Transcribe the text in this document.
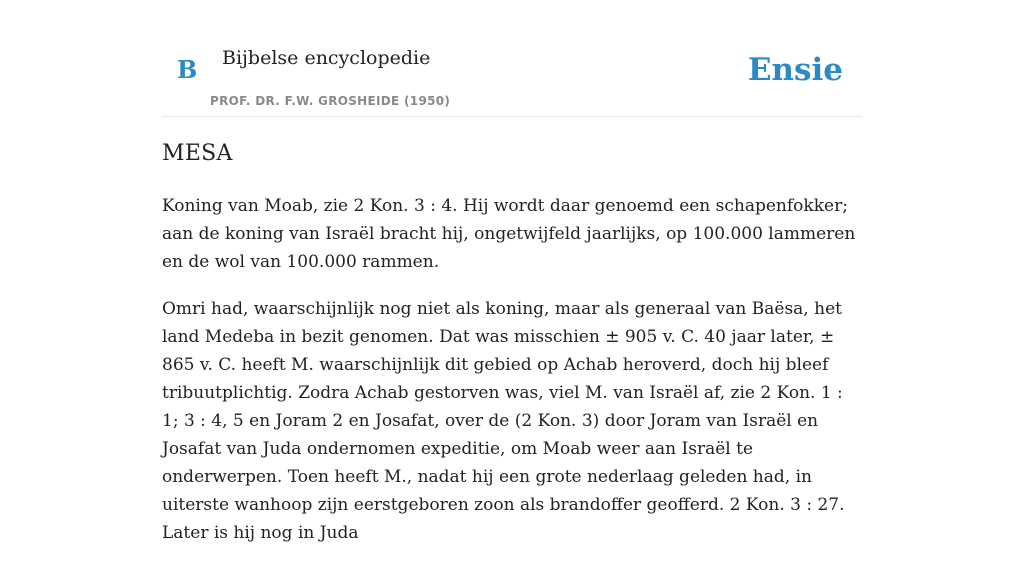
B Bijbelse encyclopedie
PROF. DR. F.W. GROSHEIDE (1950)
Ensie
MESA

Koning van Moab, zie 2 Kon. 3 : 4. Hij wordt daar genoemd een schapenfokker; aan de koning van Israël bracht hij, ongetwijfeld jaarlijks, op 100.000 lammeren en de wol van 100.000 rammen.

Omri had, waarschijnlijk nog niet als koning, maar als generaal van Baësa, het land Medeba in bezit genomen. Dat was misschien ± 905 v. C. 40 jaar later, ± 865 v. C. heeft M. waarschijnlijk dit gebied op Achab heroverd, doch hij bleef tribuutplichtig. Zodra Achab gestorven was, viel M. van Israël af, zie 2 Kon. 1 : 1; 3 : 4, 5 en Joram 2 en Josafat, over de (2 Kon. 3) door Joram van Israël en Josafat van Juda ondernomen expeditie, om Moab weer aan Israël te onderwerpen. Toen heeft M., nadat hij een grote nederlaag geleden had, in uiterste wanhoop zijn eerstgeboren zoon als brandoffer geofferd. 2 Kon. 3 : 27. Later is hij nog in Juda
